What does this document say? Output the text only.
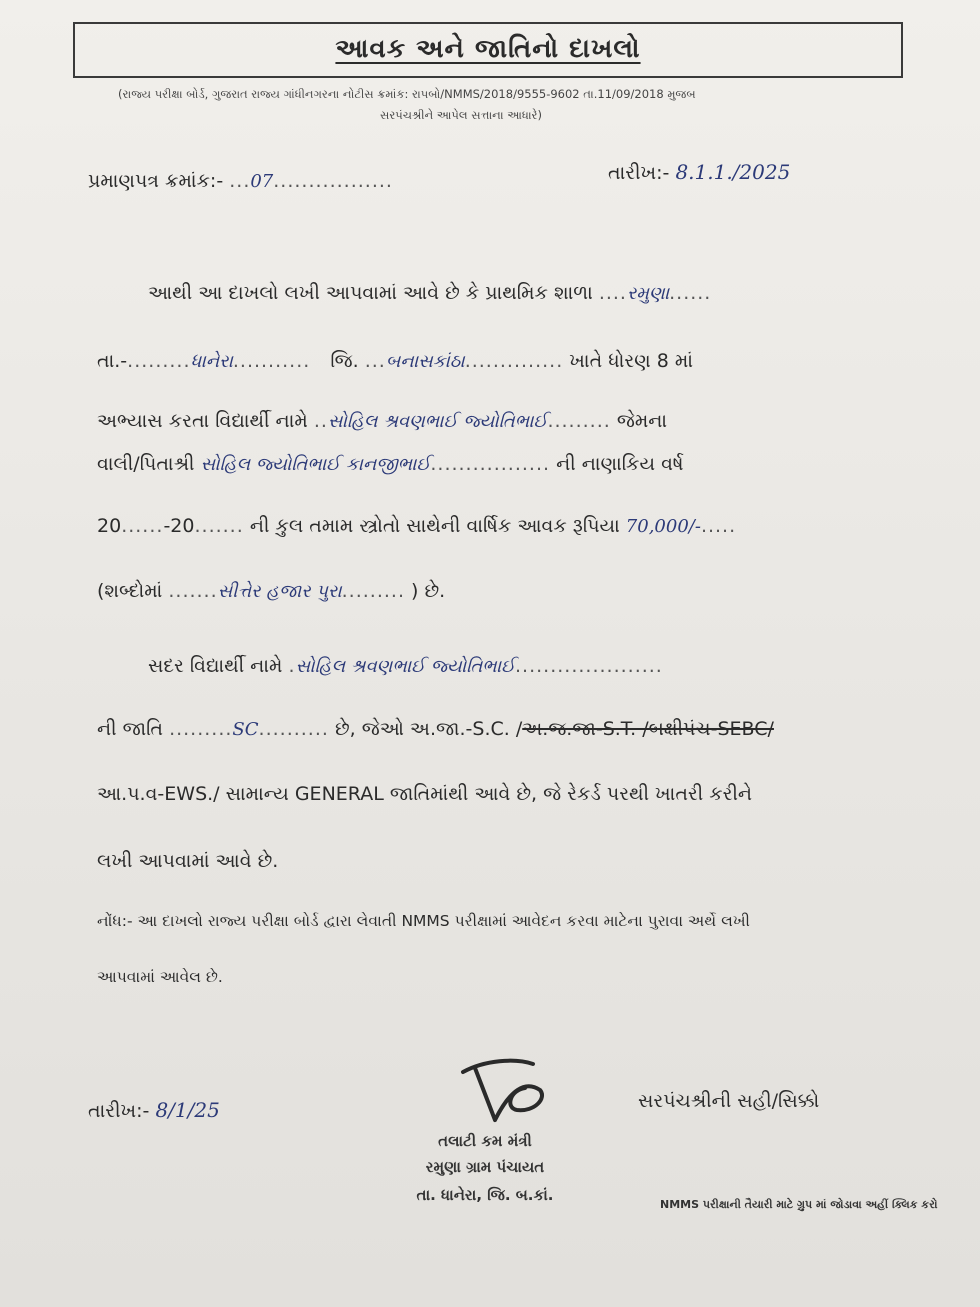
આવક અને જાતિનો દાખલો
(રાજ્ય પરીક્ષા બોર્ડ, ગુજરાત રાજ્ય ગાંધીનગરના નોટીસ ક્રમાંક: રાપબો/NMMS/2018/9555-9602 તા.11/09/2018 મુજબ
સરપંચશ્રીને આપેલ સત્તાના આધારે)
પ્રમાણપત્ર ક્રમાંક:- ...07.................	તારીખ:- 8.1.1./2025
આથી આ દાખલો લખી આપવામાં આવે છે કે પ્રાથમિક શાળા ....રમુણા......
તા.-.........ધાનેરા........... જિ. ...બનાસકાંઠા.............. ખાતે ધોરણ 8 માં
અભ્યાસ કરતા વિદ્યાર્થી નામે ..સોહિલ શ્રવણભાઈ જ્યોતિભાઈ......... જેમના
વાલી/પિતાશ્રી સોહિલ જ્યોતિભાઈ કાનજીભાઈ................. ની નાણાકિય વર્ષ
20......-20....... ની કુલ તમામ સ્ત્રોતો સાથેની વાર્ષિક આવક રૂપિયા 70,000/-.....
(શબ્દોમાં .......સીત્તેર હજાર પુરા......... ) છે.
સદર વિદ્યાર્થી નામે .સોહિલ શ્રવણભાઈ જ્યોતિભાઈ.....................
ની જાતિ .........SC.......... છે, જેઓ અ.જા.-S.C. /અ.જ.જા-S.T. /બક્ષીપંચ-SEBC/
આ.પ.વ-EWS./ સામાન્ય GENERAL જાતિમાંથી આવે છે, જે રેકર્ડ પરથી ખાતરી કરીને
લખી આપવામાં આવે છે.
નોંધ:- આ દાખલો રાજ્ય પરીક્ષા બોર્ડ દ્વારા લેવાતી NMMS પરીક્ષામાં આવેદન કરવા માટેના પુરાવા અર્થે લખી
આપવામાં આવેલ છે.
તારીખ:- 8/1/25	સરપંચશ્રીની સહી/સિક્કો
તલાટી કમ મંત્રી
રમુણા ગ્રામ પંચાયત
તા. ધાનેરા, જિ. બ.કાં.
NMMS પરીક્ષાની તૈયારી માટે ગ્રુપ માં જોડાવા અહીં ક્લિક કરો
